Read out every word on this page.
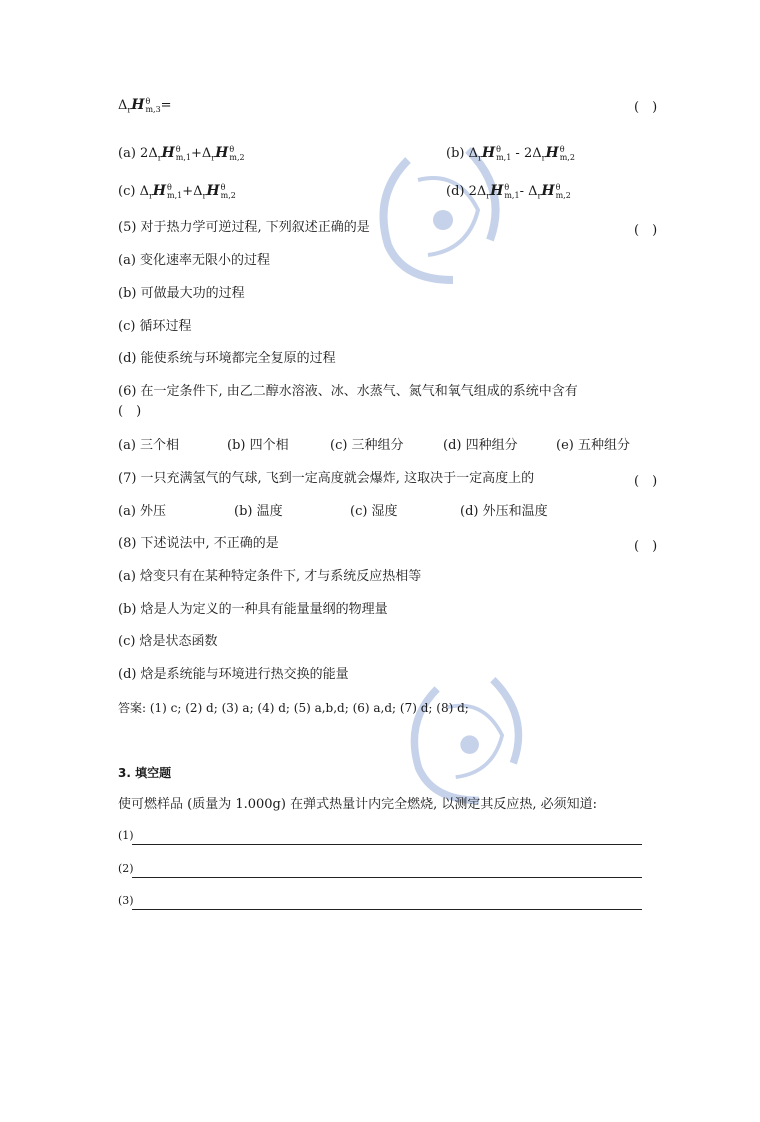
$\Delta_rH$ θ
m,3 =	(　)
(a) $2\Delta_rH$ θ
$m,1 +\Delta_rH$ θ
m,2	(b) $\Delta_rH$ θ
$m,1 - 2\Delta_rH$ θ
m,2
(c) $\Delta_rH$ θ
$m,1 +\Delta_rH$ θ
m,2	(d) $2\Delta_rH$ θ
$m,1 - \Delta_rH$ θ
m,2
(5) 对于热力学可逆过程, 下列叙述正确的是	(　)
(a) 变化速率无限小的过程
(b) 可做最大功的过程
(c) 循环过程
(d) 能使系统与环境都完全复原的过程
(6) 在一定条件下, 由乙二醇水溶液、冰、水蒸气、氮气和氧气组成的系统中含有
(　)
(a) 三个相	(b) 四个相	(c) 三种组分	(d) 四种组分	(e) 五种组分
(7) 一只充满氢气的气球, 飞到一定高度就会爆炸, 这取决于一定高度上的	(　)
(a) 外压	(b) 温度	(c) 湿度	(d) 外压和温度
(8) 下述说法中, 不正确的是	(　)
(a) 焓变只有在某种特定条件下, 才与系统反应热相等
(b) 焓是人为定义的一种具有能量量纲的物理量
(c) 焓是状态函数
(d) 焓是系统能与环境进行热交换的能量
答案: (1) c; (2) d; (3) a; (4) d; (5) a,b,d; (6) a,d; (7) d; (8) d;
3. 填空题
使可燃样品 (质量为 1.000g) 在弹式热量计内完全燃烧, 以测定其反应热, 必须知道:
(1)
(2)
(3)
